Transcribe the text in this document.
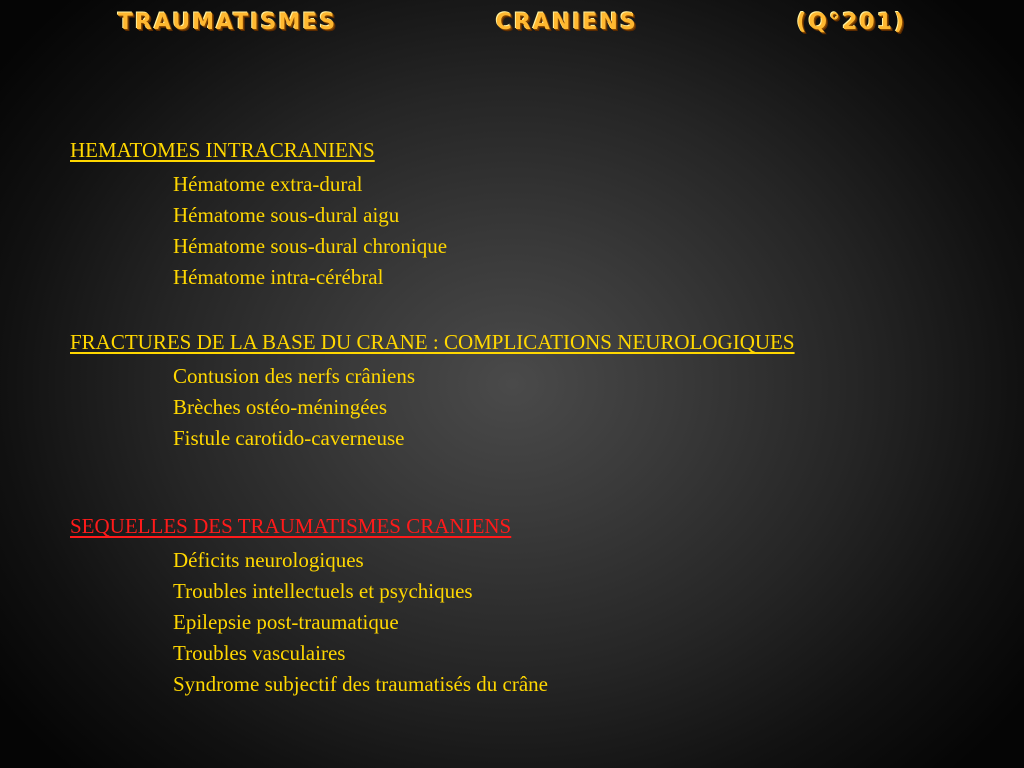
TRAUMATISMES    CRANIENS    (Q°201)

HEMATOMES INTRACRANIENS

Hématome extra-dural
Hématome sous-dural aigu
Hématome sous-dural chronique
Hématome intra-cérébral

FRACTURES DE LA BASE DU CRANE : COMPLICATIONS NEUROLOGIQUES

Contusion des nerfs crâniens
Brèches ostéo-méningées
Fistule carotido-caverneuse

SEQUELLES DES TRAUMATISMES CRANIENS

Déficits neurologiques
Troubles intellectuels et psychiques
Epilepsie post-traumatique
Troubles vasculaires
Syndrome subjectif des traumatisés du crâne
